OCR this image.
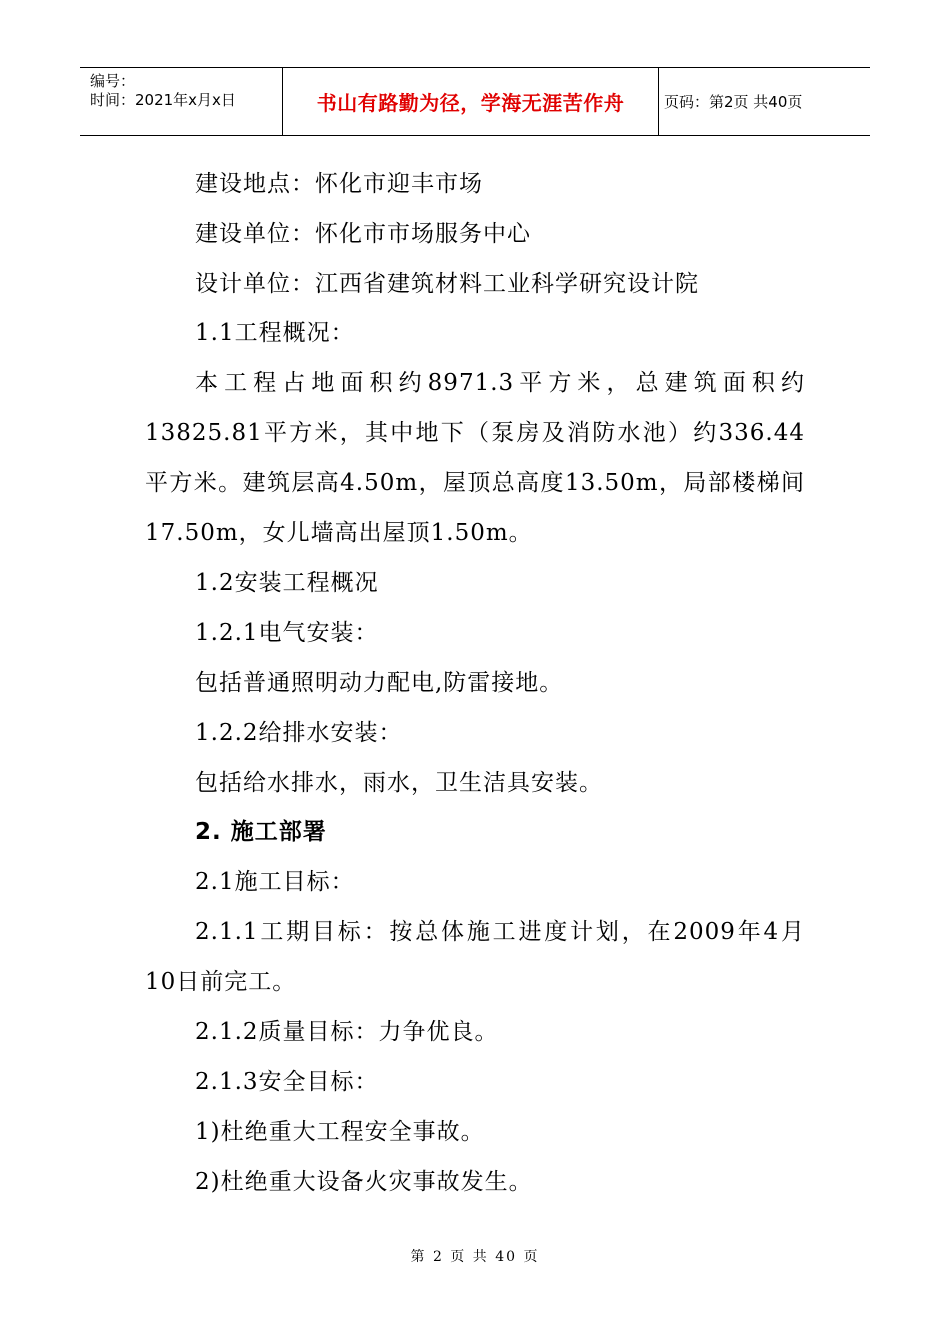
编号：
时间：2021年x月x日	书山有路勤为径，学海无涯苦作舟	页码：第2页 共40页
建设地点：怀化市迎丰市场
建设单位：怀化市市场服务中心
设计单位：江西省建筑材料工业科学研究设计院
1.1工程概况：
本工程占地面积约8971.3平方米，总建筑面积约
13825.81平方米，其中地下（泵房及消防水池）约336.44
平方米。建筑层高4.50m，屋顶总高度13.50m，局部楼梯间
17.50m，女儿墙高出屋顶1.50m。
1.2安装工程概况
1.2.1电气安装：
包括普通照明动力配电,防雷接地。
1.2.2给排水安装：
包括给水排水，雨水，卫生洁具安装。
2. 施工部署
2.1施工目标：
2.1.1工期目标：按总体施工进度计划，在2009年4月
10日前完工。
2.1.2质量目标：力争优良。
2.1.3安全目标：
1)杜绝重大工程安全事故。
2)杜绝重大设备火灾事故发生。
第 2 页 共 40 页
